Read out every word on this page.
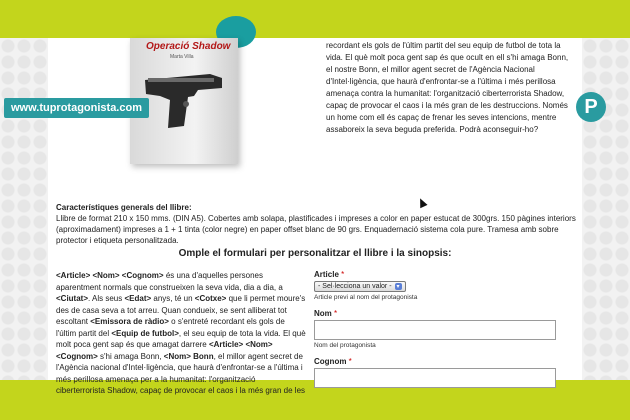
Operació Shadow
Marta Villa
recordant els gols de l'últim partit del seu equip de futbol de tota la vida. El què molt poca gent sap és que ocult en ell s'hi amaga Bonn, el nostre Bonn, el millor agent secret de l'Agència Nacional d'Intel·ligència, que haurà d'enfrontar-se a l'última i més perillosa amenaça contra la humanitat: l'organització ciberterrorista Shadow, capaç de provocar el caos i la més gran de les destruccions. Només un home com ell és capaç de frenar les seves intencions, mentre assaboreix la seva beguda preferida. Podrà aconseguir-ho?
Característiques generals del llibre:
Llibre de format 210 x 150 mms. (DIN A5). Cobertes amb solapa, plastificades i impreses a color en paper estucat de 300grs. 150 pàgines interiors (aproximadament) impreses a 1 + 1 tinta (color negre) en paper offset blanc de 90 grs. Enquadernació sistema cola pure. Tramesa amb sobre protector i etiqueta personalitzada.
Omple el formulari per personalitzar el llibre i la sinopsis:
<Article> <Nom> <Cognom> és una d'aquelles persones aparentment normals que construeixen la seva vida, dia a dia, a <Ciutat>. Als seus <Edat> anys, té un <Cotxe> que li permet moure's des de casa seva a tot arreu. Quan condueix, se sent alliberat tot escoltant <Emissora de ràdio> o s'entreté recordant els gols de l'últim partit del <Equip de futbol>, el seu equip de tota la vida. El què molt poca gent sap és que amagat darrere <Article> <Nom> <Cognom> s'hi amaga Bonn, <Nom> Bonn, el millor agent secret de l'Agència nacional d'Intel·ligència, que haurà d'enfrontar-se a l'última i més perillosa amenaça per a la humanitat: l'organització ciberterrorista Shadow, capaç de provocar el caos i la més gran de les
Article *
- Sel·lecciona un valor - ▾
Article previ al nom del protagonista
Nom *
Nom del protagonista
Cognom *
www.tuprotagonista.com	P
